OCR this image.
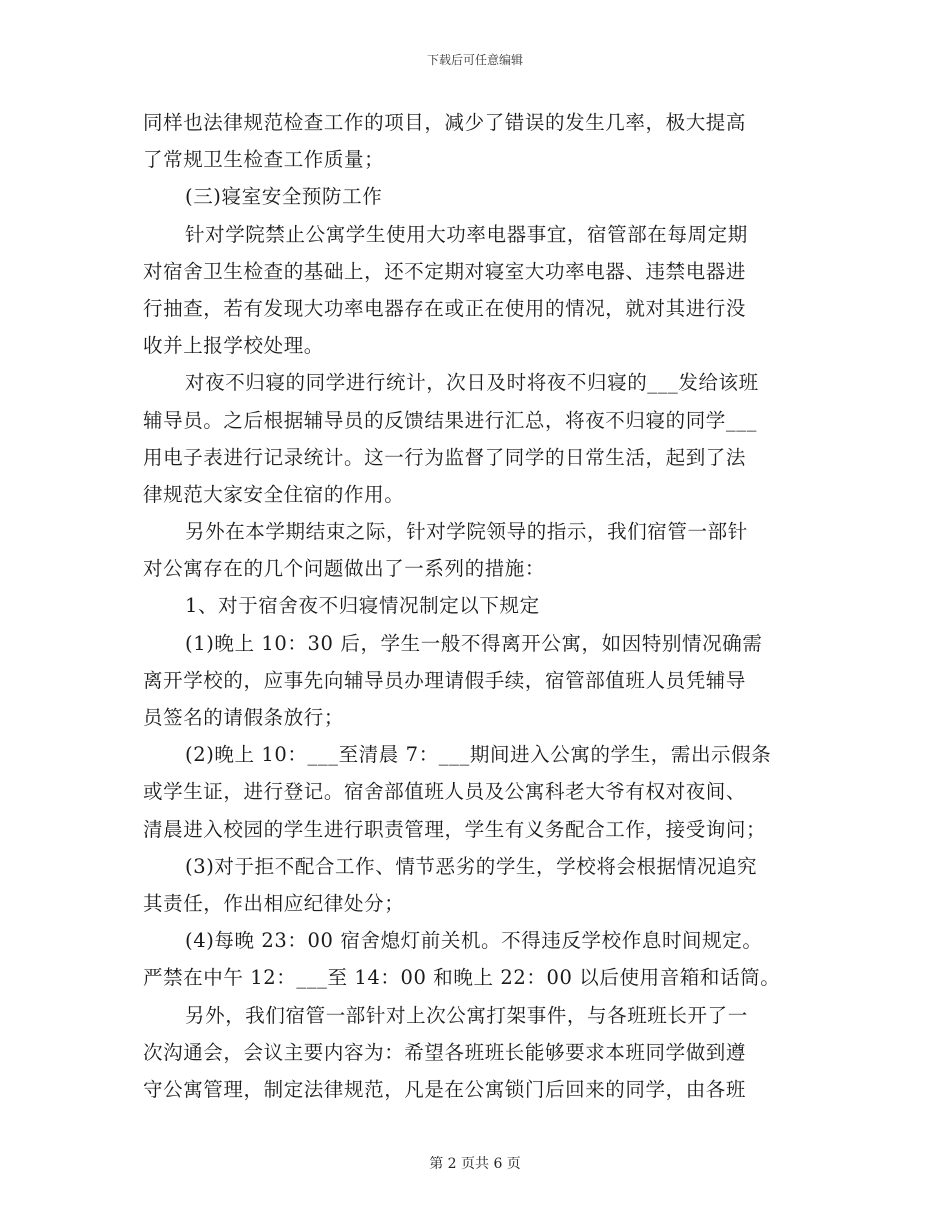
下载后可任意编辑
同样也法律规范检查工作的项目，减少了错误的发生几率，极大提高
了常规卫生检查工作质量；
(三)寝室安全预防工作
针对学院禁止公寓学生使用大功率电器事宜，宿管部在每周定期
对宿舍卫生检查的基础上，还不定期对寝室大功率电器、违禁电器进
行抽查，若有发现大功率电器存在或正在使用的情况，就对其进行没
收并上报学校处理。
对夜不归寝的同学进行统计，次日及时将夜不归寝的___发给该班
辅导员。之后根据辅导员的反馈结果进行汇总，将夜不归寝的同学___
用电子表进行记录统计。这一行为监督了同学的日常生活，起到了法
律规范大家安全住宿的作用。
另外在本学期结束之际，针对学院领导的指示，我们宿管一部针
对公寓存在的几个问题做出了一系列的措施：
1、对于宿舍夜不归寝情况制定以下规定
(1)晚上 10：30 后，学生一般不得离开公寓，如因特别情况确需
离开学校的，应事先向辅导员办理请假手续，宿管部值班人员凭辅导
员签名的请假条放行；
(2)晚上 10：___至清晨 7：___期间进入公寓的学生，需出示假条
或学生证，进行登记。宿舍部值班人员及公寓科老大爷有权对夜间、
清晨进入校园的学生进行职责管理，学生有义务配合工作，接受询问；
(3)对于拒不配合工作、情节恶劣的学生，学校将会根据情况追究
其责任，作出相应纪律处分；
(4)每晚 23：00 宿舍熄灯前关机。不得违反学校作息时间规定。
严禁在中午 12：___至 14：00 和晚上 22：00 以后使用音箱和话筒。
另外，我们宿管一部针对上次公寓打架事件，与各班班长开了一
次沟通会，会议主要内容为：希望各班班长能够要求本班同学做到遵
守公寓管理，制定法律规范，凡是在公寓锁门后回来的同学，由各班
第 2 页共 6 页
